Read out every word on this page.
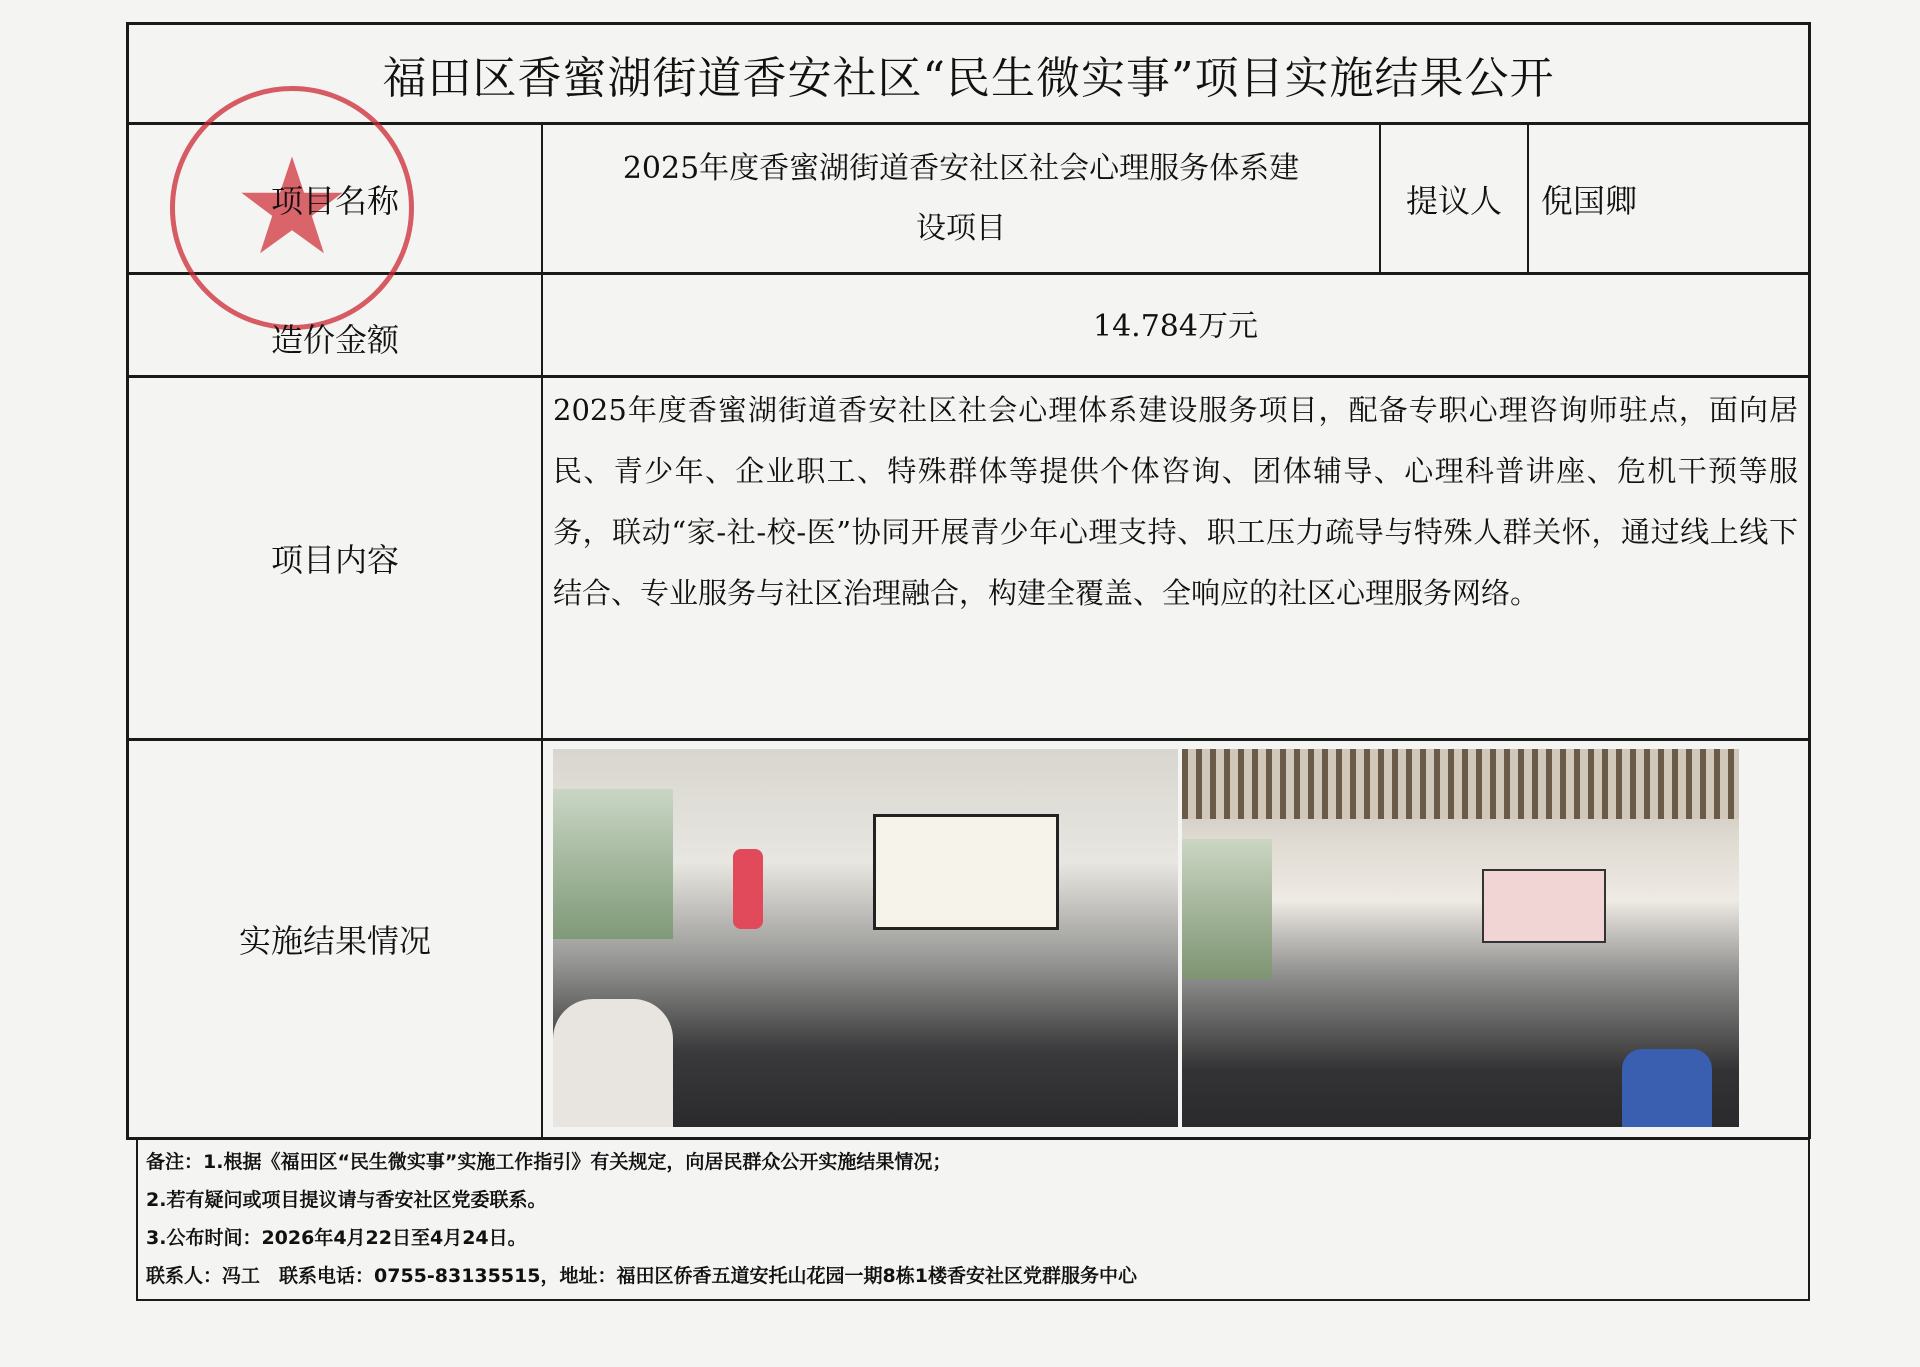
福田区香蜜湖街道香安社区“民生微实事”项目实施结果公开
项目名称
2025年度香蜜湖街道香安社区社会心理服务体系建
设项目
提议人	倪国卿
造价金额	14.784万元
项目内容
2025年度香蜜湖街道香安社区社会心理体系建设服务项目，配备专职心理咨询师驻点，面向居民、青少年、企业职工、特殊群体等提供个体咨询、团体辅导、心理科普讲座、危机干预等服务，联动“家-社-校-医”协同开展青少年心理支持、职工压力疏导与特殊人群关怀，通过线上线下结合、专业服务与社区治理融合，构建全覆盖、全响应的社区心理服务网络。
实施结果情况
备注：1.根据《福田区“民生微实事”实施工作指引》有关规定，向居民群众公开实施结果情况；
2.若有疑问或项目提议请与香安社区党委联系。
3.公布时间：2026年4月22日至4月24日。
联系人：冯工　联系电话：0755-83135515，地址：福田区侨香五道安托山花园一期8栋1楼香安社区党群服务中心
